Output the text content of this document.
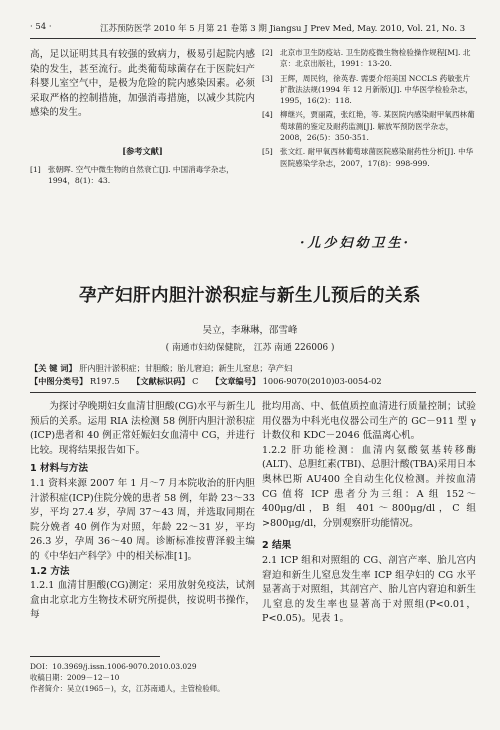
· 54 ·	江苏预防医学 2010 年 5 月第 21 卷第 3 期 Jiangsu J Prev Med, May. 2010, Vol. 21, No. 3
高，足以证明其具有较强的致病力，极易引起院内感染的发生，甚至流行。此类葡萄球菌存在于医院妇产科婴儿室空气中，是极为危险的院内感染因素。必须采取严格的控制措施，加强消毒措施，以减少其院内感染的发生。
[参考文献]
[1] 张朝晖. 空气中微生物的自然衰亡[J]. 中国消毒学杂志，1994，8(1)：43.
[2] 北京市卫生防疫站. 卫生防疫微生物检验操作规程[M]. 北京：北京出版社，1991：13-20.
[3] 王辉，周民钧，徐英春. 需要介绍美国 NCCLS 药敏张片扩散法法规(1994 年 12 月新版)[J]. 中华医学检验杂志，1995，16(2)：118.
[4] 柳继兴，贾丽霞，张红艳，等. 某医院内感染耐甲氧西林葡萄球菌的鉴定及耐药监测[J]. 解放军预防医学杂志，2008，26(5)：350-351.
[5] 张文红. 耐甲氧西林葡萄球菌医院感染耐药性分析[J]. 中华医院感染学杂志，2007，17(8)：998-999.
·儿少妇幼卫生·
孕产妇肝内胆汁淤积症与新生儿预后的关系
吴立，李琳琳，邵雪峰
( 南通市妇幼保健院， 江苏 南通 226006 )
【关 键 词】 肝内胆汁淤积症；甘胆酸；胎儿窘迫；新生儿窒息；孕产妇
【中图分类号】 R197.5 【文献标识码】 C 【文章编号】 1006-9070(2010)03-0054-02
为探讨孕晚期妇女血清甘胆酸(CG)水平与新生儿预后的关系。运用 RIA 法检测 58 例肝内胆汁淤积症(ICP)患者和 40 例正常妊娠妇女血清中 CG，并进行比较。现将结果报告如下。
1 材料与方法
1.1 资料来源 2007 年 1 月～7 月本院收治的肝内胆汁淤积症(ICP)住院分娩的患者 58 例，年龄 23～33 岁，平均 27.4 岁，孕周 37～43 周，并选取同期在院分娩者 40 例作为对照，年龄 22～31 岁，平均 26.3 岁，孕周 36～40 周。诊断标准按曹泽毅主编的《中华妇产科学》中的相关标准[1]。
1.2 方法
1.2.1 血清甘胆酸(CG)测定：采用放射免疫法，试剂盒由北京北方生物技术研究所提供，按说明书操作，每
批均用高、中、低值质控血清进行质量控制；试验用仪器为中科光电仪器公司生产的 GC－911 型 γ 计数仪和 KDC－2046 低温离心机。
1.2.2 肝功能检测：血清内氨酸氨基转移酶(ALT)、总胆红素(TBI)、总胆汁酸(TBA)采用日本奥林巴斯 AU400 全自动生化仪检测。并按血清 CG 值将 ICP 患者分为三组：A 组 152～400μg/dl，B 组 401～800μg/dl，C 组>800μg/dl，分别观察肝功能情况。
2 结果
2.1 ICP 组和对照组的 CG、剖宫产率、胎儿宫内窘迫和新生儿窒息发生率 ICP 组孕妇的 CG 水平显著高于对照组，其剖宫产、胎儿宫内窘迫和新生儿窒息的发生率也显著高于对照组(P<0.01，P<0.05)。见表 1。
DOI：10.3969/j.issn.1006-9070.2010.03.029
收稿日期：2009－12－10
作者简介：吴立(1965－)，女，江苏南通人，主管检验师。
